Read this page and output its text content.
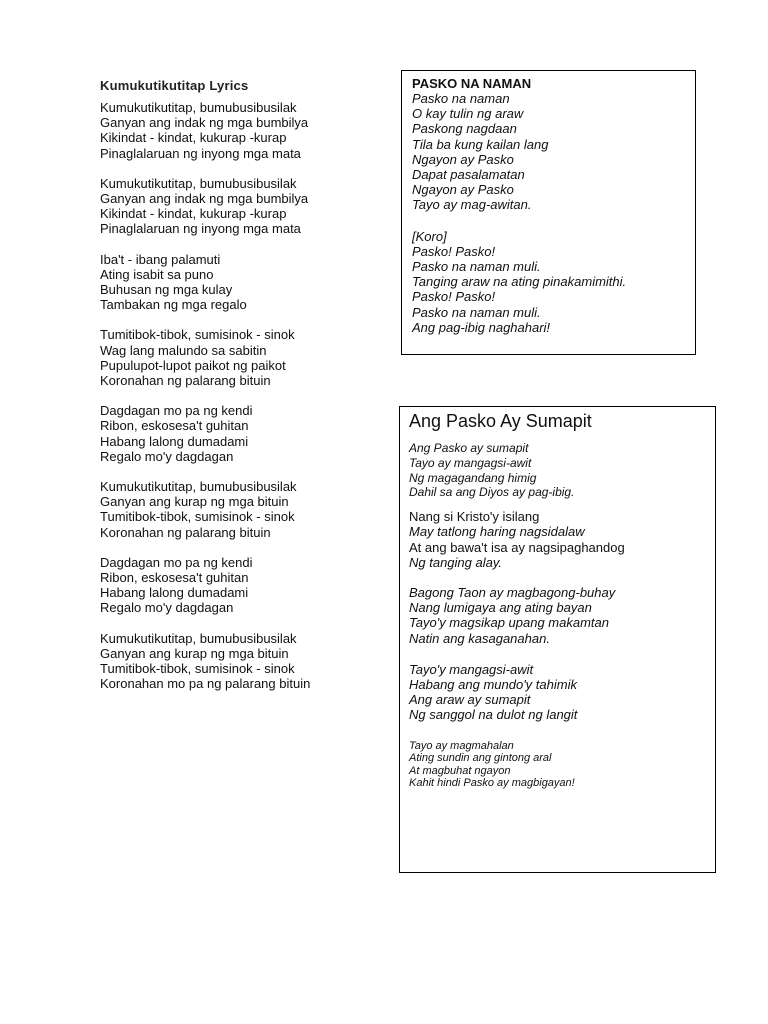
Kumukutikutitap Lyrics
Kumukutikutitap, bumubusibusilak
Ganyan ang indak ng mga bumbilya
Kikindat - kindat, kukurap -kurap
Pinaglalaruan ng inyong mga mata
Kumukutikutitap, bumubusibusilak
Ganyan ang indak ng mga bumbilya
Kikindat - kindat, kukurap -kurap
Pinaglalaruan ng inyong mga mata
Iba't - ibang palamuti
Ating isabit sa puno
Buhusan ng mga kulay
Tambakan ng mga regalo
Tumitibok-tibok, sumisinok - sinok
Wag lang malundo sa sabitin
Pupulupot-lupot paikot ng paikot
Koronahan ng palarang bituin
Dagdagan mo pa ng kendi
Ribon, eskosesa't guhitan
Habang lalong dumadami
Regalo mo'y dagdagan
Kumukutikutitap, bumubusibusilak
Ganyan ang kurap ng mga bituin
Tumitibok-tibok, sumisinok - sinok
Koronahan ng palarang bituin
Dagdagan mo pa ng kendi
Ribon, eskosesa't guhitan
Habang lalong dumadami
Regalo mo'y dagdagan
Kumukutikutitap, bumubusibusilak
Ganyan ang kurap ng mga bituin
Tumitibok-tibok, sumisinok - sinok
Koronahan mo pa ng palarang bituin
PASKO NA NAMAN
Pasko na naman
O kay tulin ng araw
Paskong nagdaan
Tila ba kung kailan lang
Ngayon ay Pasko
Dapat pasalamatan
Ngayon ay Pasko
Tayo ay mag-awitan.
[Koro]
Pasko! Pasko!
Pasko na naman muli.
Tanging araw na ating pinakamimithi.
Pasko! Pasko!
Pasko na naman muli.
Ang pag-ibig naghahari!
Ang Pasko Ay Sumapit
Ang Pasko ay sumapit
Tayo ay mangagsi-awit
Ng magagandang himig
Dahil sa ang Diyos ay pag-ibig.
Nang si Kristo'y isilang
May tatlong haring nagsidalaw
At ang bawa't isa ay nagsipaghandog
Ng tanging alay.
Bagong Taon ay magbagong-buhay
Nang lumigaya ang ating bayan
Tayo'y magsikap upang makamtan
Natin ang kasaganahan.
Tayo'y mangagsi-awit
Habang ang mundo'y tahimik
Ang araw ay sumapit
Ng sanggol na dulot ng langit
Tayo ay magmahalan
Ating sundin ang gintong aral
At magbuhat ngayon
Kahit hindi Pasko ay magbigayan!
